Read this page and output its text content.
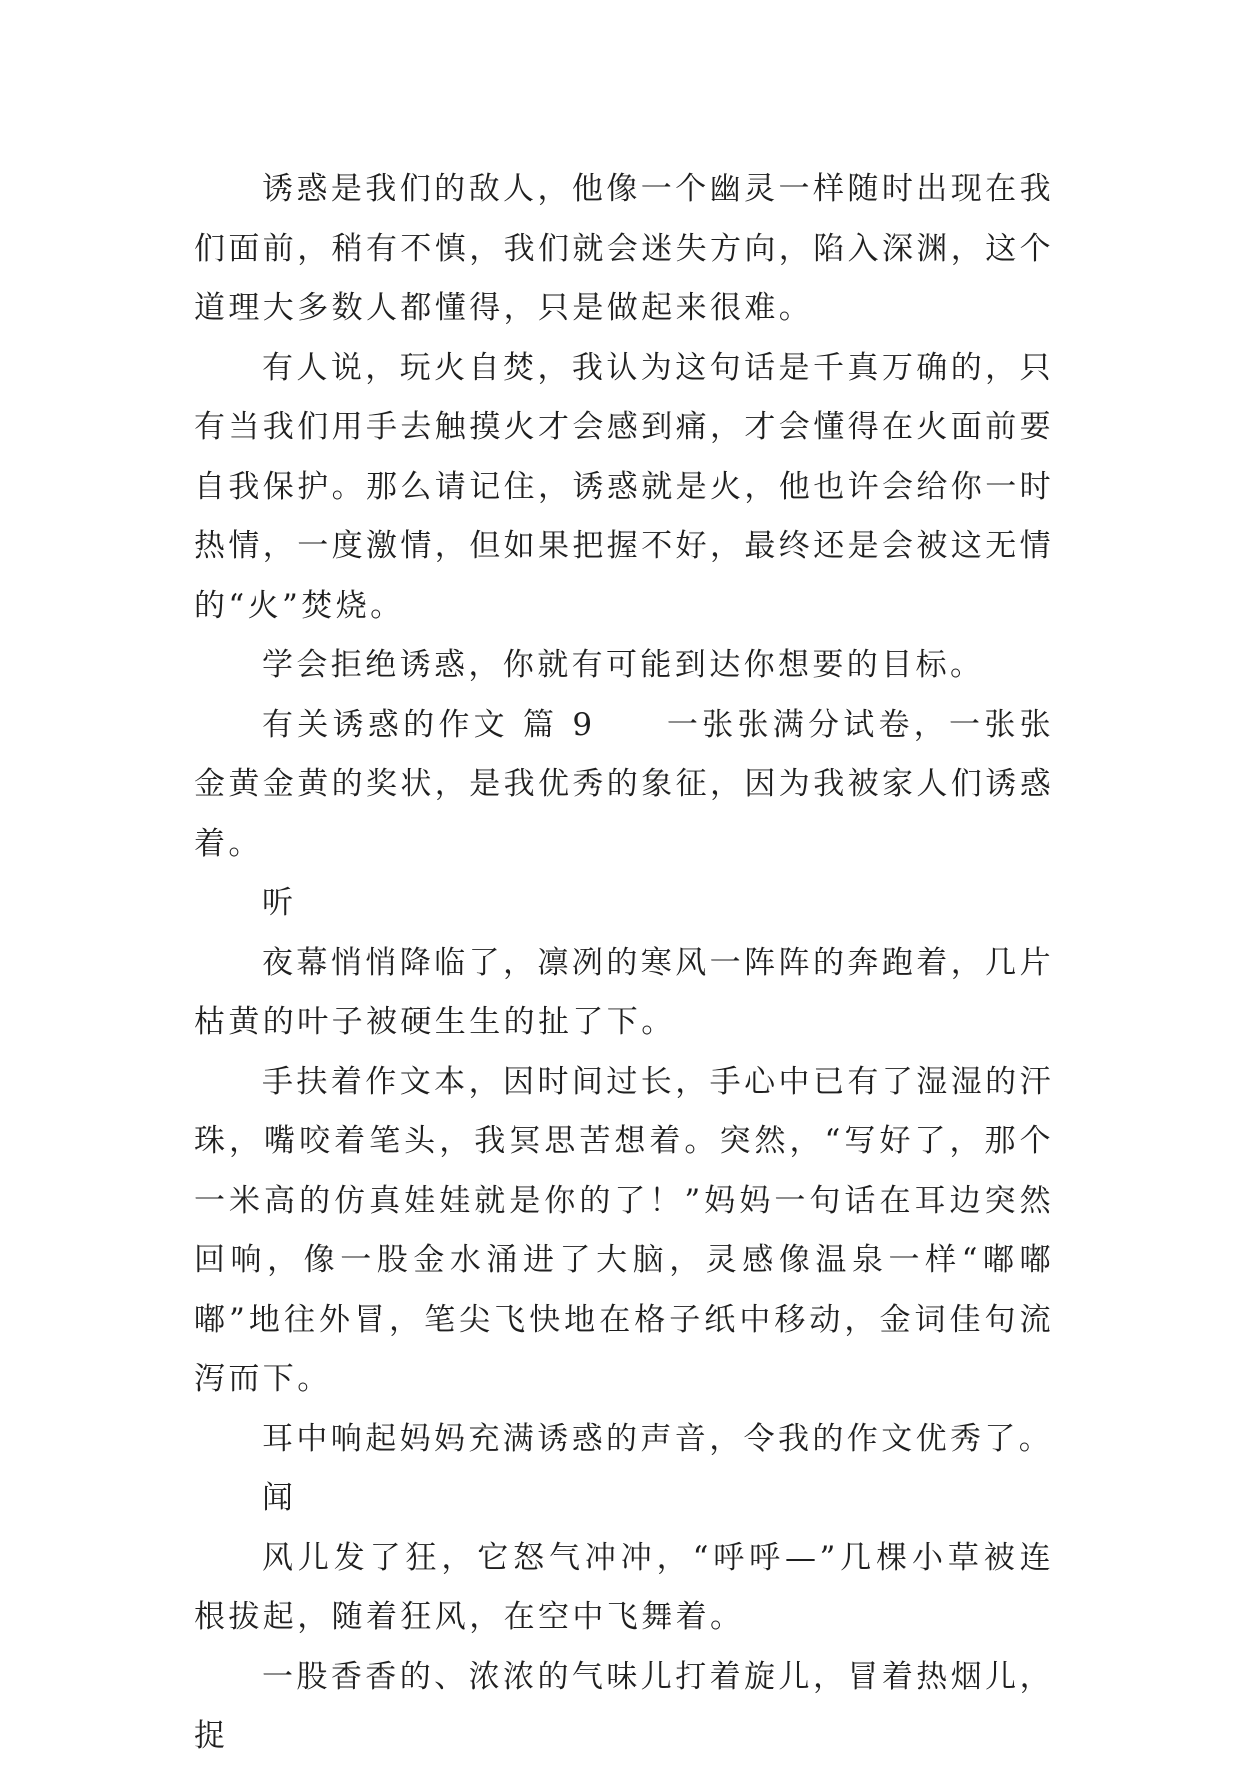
诱惑是我们的敌人，他像一个幽灵一样随时出现在我们面前，稍有不慎，我们就会迷失方向，陷入深渊，这个道理大多数人都懂得，只是做起来很难。

有人说，玩火自焚，我认为这句话是千真万确的，只有当我们用手去触摸火才会感到痛，才会懂得在火面前要自我保护。那么请记住，诱惑就是火，他也许会给你一时热情，一度激情，但如果把握不好，最终还是会被这无情的“火”焚烧。

学会拒绝诱惑，你就有可能到达你想要的目标。

有关诱惑的作文 篇 9　　一张张满分试卷，一张张金黄金黄的奖状，是我优秀的象征，因为我被家人们诱惑着。

听

夜幕悄悄降临了，凛冽的寒风一阵阵的奔跑着，几片枯黄的叶子被硬生生的扯了下。

手扶着作文本，因时间过长，手心中已有了湿湿的汗珠，嘴咬着笔头，我冥思苦想着。突然，“写好了，那个一米高的仿真娃娃就是你的了！”妈妈一句话在耳边突然回响，像一股金水涌进了大脑，灵感像温泉一样“嘟嘟嘟”地往外冒，笔尖飞快地在格子纸中移动，金词佳句流泻而下。

耳中响起妈妈充满诱惑的声音，令我的作文优秀了。

闻

风儿发了狂，它怒气冲冲，“呼呼—”几棵小草被连根拔起，随着狂风，在空中飞舞着。

一股香香的、浓浓的气味儿打着旋儿，冒着热烟儿，捉
